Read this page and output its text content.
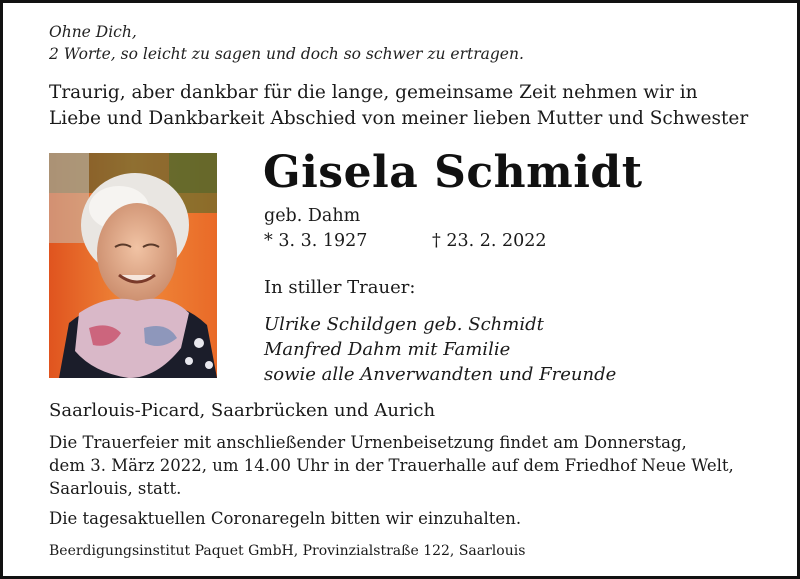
Ohne Dich,
2 Worte, so leicht zu sagen und doch so schwer zu ertragen.
Traurig, aber dankbar für die lange, gemeinsame Zeit nehmen wir in
Liebe und Dankbarkeit Abschied von meiner lieben Mutter und Schwester
Gisela Schmidt
geb. Dahm
* 3. 3. 1927	† 23. 2. 2022
In stiller Trauer:
Ulrike Schildgen geb. Schmidt
Manfred Dahm mit Familie
sowie alle Anverwandten und Freunde
Saarlouis-Picard, Saarbrücken und Aurich
Die Trauerfeier mit anschließender Urnenbeisetzung findet am Donnerstag,
dem 3. März 2022, um 14.00 Uhr in der Trauerhalle auf dem Friedhof Neue Welt,
Saarlouis, statt.
Die tagesaktuellen Coronaregeln bitten wir einzuhalten.
Beerdigungsinstitut Paquet GmbH, Provinzialstraße 122, Saarlouis
